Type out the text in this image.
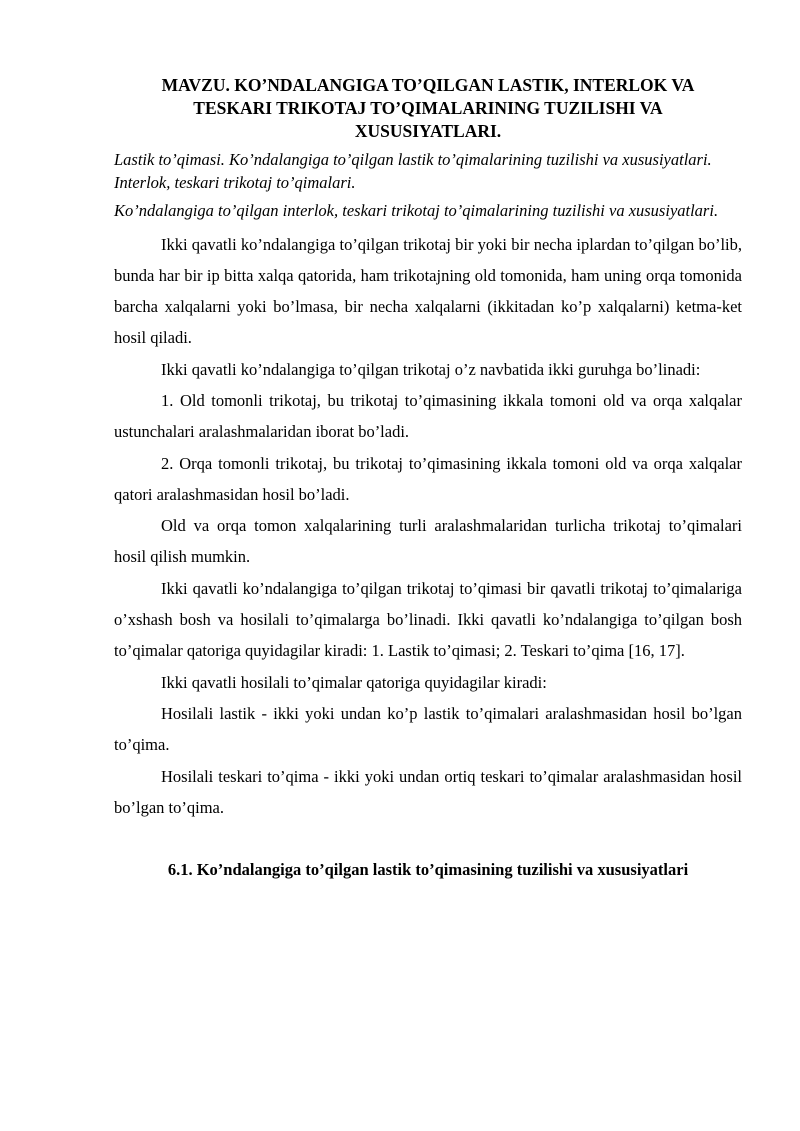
MAVZU. KO’NDALANGIGA TO’QILGAN LASTIK, INTERLOK VA
TESKARI TRIKOTAJ TO’QIMALARINING TUZILISHI VA
XUSUSIYATLARI.

Lastik to’qimasi. Ko’ndalangiga to’qilgan lastik to’qimalarining tuzilishi va xususiyatlari. Interlok, teskari trikotaj to’qimalari.

Ko’ndalangiga to’qilgan interlok, teskari trikotaj to’qimalarining tuzilishi va xususiyatlari.

Ikki qavatli ko’ndalangiga to’qilgan trikotaj bir yoki bir necha iplardan to’qilgan bo’lib, bunda har bir ip bitta xalqa qatorida, ham trikotajning old tomonida, ham uning orqa tomonida barcha xalqalarni yoki bo’lmasa, bir necha xalqalarni (ikkitadan ko’p xalqalarni) ketma-ket hosil qiladi.

Ikki qavatli ko’ndalangiga to’qilgan trikotaj o’z navbatida ikki guruhga bo’linadi:

1. Old tomonli trikotaj, bu trikotaj to’qimasining ikkala tomoni old va orqa xalqalar ustunchalari aralashmalaridan iborat bo’ladi.

2. Orqa tomonli trikotaj, bu trikotaj to’qimasining ikkala tomoni old va orqa xalqalar qatori aralashmasidan hosil bo’ladi.

Old va orqa tomon xalqalarining turli aralashmalaridan turlicha trikotaj to’qimalari hosil qilish mumkin.

Ikki qavatli ko’ndalangiga to’qilgan trikotaj to’qimasi bir qavatli trikotaj to’qimalariga o’xshash bosh va hosilali to’qimalarga bo’linadi. Ikki qavatli ko’ndalangiga to’qilgan bosh to’qimalar qatoriga quyidagilar kiradi: 1. Lastik to’qimasi; 2. Teskari to’qima [16, 17].

Ikki qavatli hosilali to’qimalar qatoriga quyidagilar kiradi:

Hosilali lastik - ikki yoki undan ko’p lastik to’qimalari aralashmasidan hosil bo’lgan to’qima.

Hosilali teskari to’qima - ikki yoki undan ortiq teskari to’qimalar aralashmasidan hosil bo’lgan to’qima.

6.1. Ko’ndalangiga to’qilgan lastik to’qimasining tuzilishi va xususiyatlari
